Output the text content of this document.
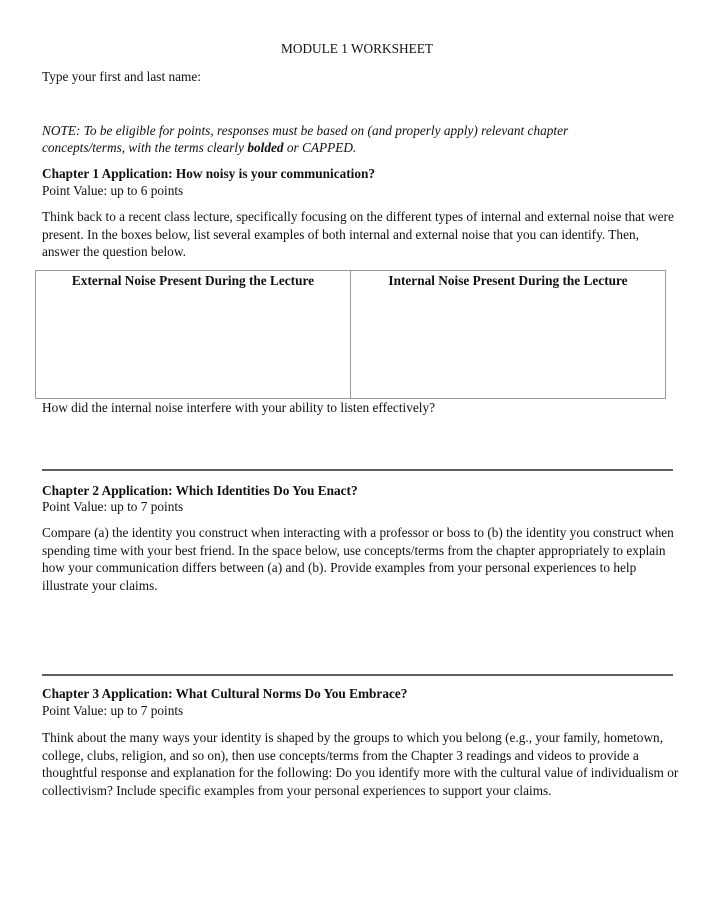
MODULE 1 WORKSHEET
Type your first and last name:
NOTE: To be eligible for points, responses must be based on (and properly apply) relevant chapter concepts/terms, with the terms clearly bolded or CAPPED.
Chapter 1 Application: How noisy is your communication?
Point Value: up to 6 points
Think back to a recent class lecture, specifically focusing on the different types of internal and external noise that were present. In the boxes below, list several examples of both internal and external noise that you can identify. Then, answer the question below.
External Noise Present During the Lecture	Internal Noise Present During the Lecture
How did the internal noise interfere with your ability to listen effectively?
Chapter 2 Application: Which Identities Do You Enact?
Point Value: up to 7 points
Compare (a) the identity you construct when interacting with a professor or boss to (b) the identity you construct when spending time with your best friend. In the space below, use concepts/terms from the chapter appropriately to explain how your communication differs between (a) and (b). Provide examples from your personal experiences to help illustrate your claims.
Chapter 3 Application: What Cultural Norms Do You Embrace?
Point Value: up to 7 points
Think about the many ways your identity is shaped by the groups to which you belong (e.g., your family, hometown, college, clubs, religion, and so on), then use concepts/terms from the Chapter 3 readings and videos to provide a thoughtful response and explanation for the following: Do you identify more with the cultural value of individualism or collectivism? Include specific examples from your personal experiences to support your claims.
